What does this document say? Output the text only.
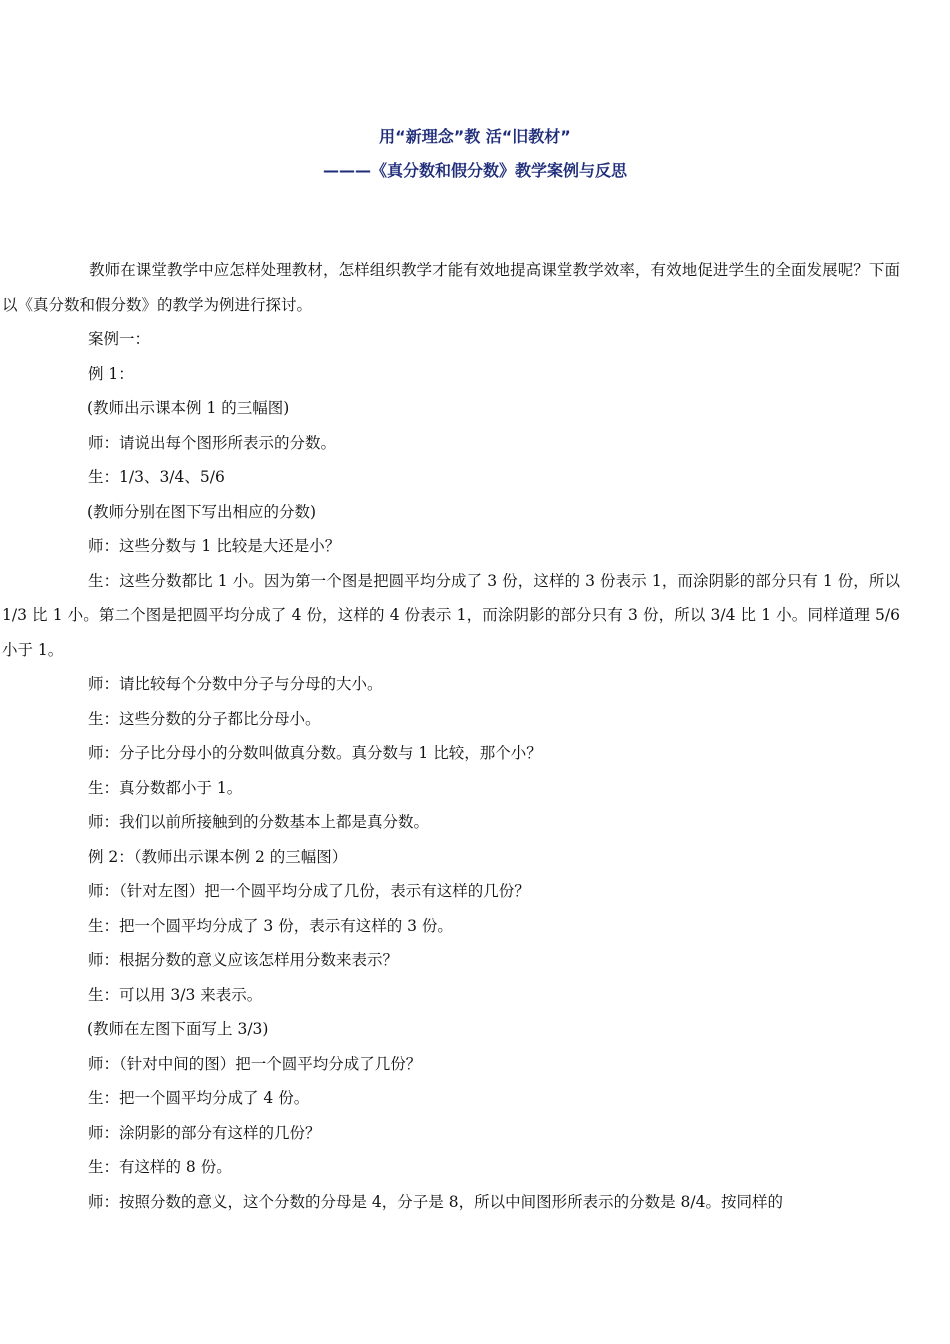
用“新理念”教 活“旧教材”
———《真分数和假分数》教学案例与反思

教师在课堂教学中应怎样处理教材，怎样组织教学才能有效地提高课堂教学效率，有效地促进学生的全面发展呢？下面以《真分数和假分数》的教学为例进行探讨。

案例一：

例 1：

(教师出示课本例 1 的三幅图)

师：请说出每个图形所表示的分数。

生：1/3、3/4、5/6

(教师分别在图下写出相应的分数)

师：这些分数与 1 比较是大还是小？

生：这些分数都比 1 小。因为第一个图是把圆平均分成了 3 份，这样的 3 份表示 1，而涂阴影的部分只有 1 份，所以 1/3 比 1 小。第二个图是把圆平均分成了 4 份，这样的 4 份表示 1，而涂阴影的部分只有 3 份，所以 3/4 比 1 小。同样道理 5/6 小于 1。

师：请比较每个分数中分子与分母的大小。

生：这些分数的分子都比分母小。

师：分子比分母小的分数叫做真分数。真分数与 1 比较，那个小？

生：真分数都小于 1。

师：我们以前所接触到的分数基本上都是真分数。

例 2：（教师出示课本例 2 的三幅图）

师：（针对左图）把一个圆平均分成了几份，表示有这样的几份？

生：把一个圆平均分成了 3 份，表示有这样的 3 份。

师：根据分数的意义应该怎样用分数来表示？

生：可以用 3/3 来表示。

(教师在左图下面写上 3/3)

师：（针对中间的图）把一个圆平均分成了几份？

生：把一个圆平均分成了 4 份。

师：涂阴影的部分有这样的几份？

生：有这样的 8 份。

师：按照分数的意义，这个分数的分母是 4，分子是 8，所以中间图形所表示的分数是 8/4。按同样的
